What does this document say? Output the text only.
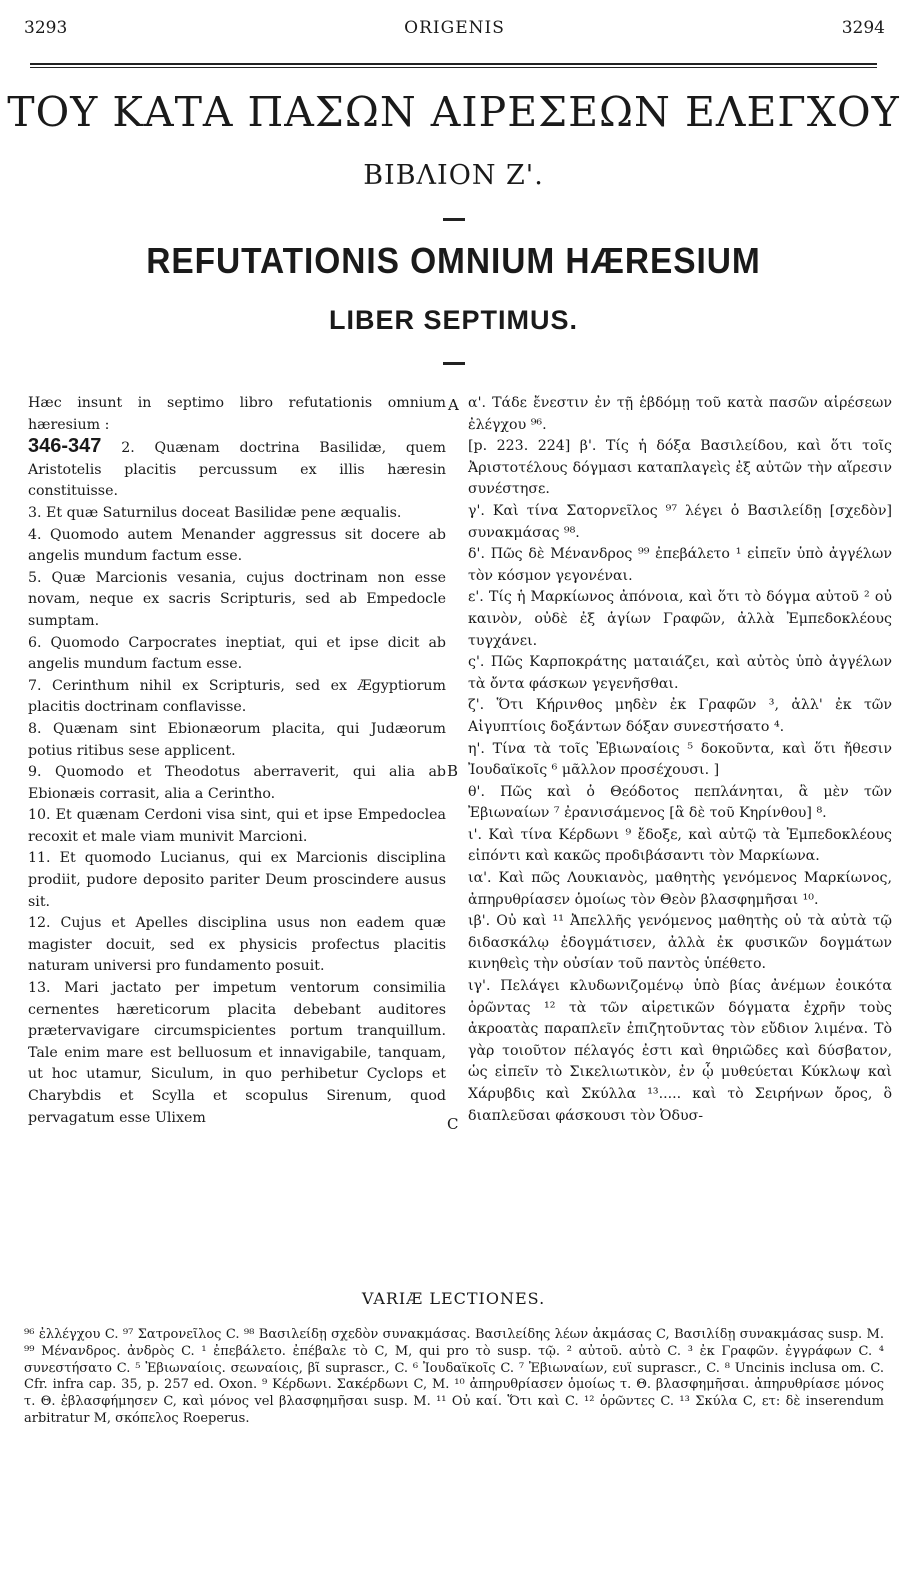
3293	ORIGENIS	3294
ΤΟΥ ΚΑΤΑ ΠΑΣΩΝ ΑΙΡΕΣΕΩΝ ΕΛΕΓΧΟΥ
ΒΙΒΛΙΟΝ Ζ'.
REFUTATIONIS OMNIUM HÆRESIUM
LIBER SEPTIMUS.
A
B
C

Hæc insunt in septimo libro refutationis omnium hæresium :

346-347 2. Quænam doctrina Basilidæ, quem Aristotelis placitis percussum ex illis hæresin constituisse.

3. Et quæ Saturnilus doceat Basilidæ pene æqualis.

4. Quomodo autem Menander aggressus sit docere ab angelis mundum factum esse.

5. Quæ Marcionis vesania, cujus doctrinam non esse novam, neque ex sacris Scripturis, sed ab Empedocle sumptam.

6. Quomodo Carpocrates ineptiat, qui et ipse dicit ab angelis mundum factum esse.

7. Cerinthum nihil ex Scripturis, sed ex Ægyptiorum placitis doctrinam conflavisse.

8. Quænam sint Ebionæorum placita, qui Judæorum potius ritibus sese applicent.

9. Quomodo et Theodotus aberraverit, qui alia ab Ebionæis corrasit, alia a Cerintho.

10. Et quænam Cerdoni visa sint, qui et ipse Empedoclea recoxit et male viam munivit Marcioni.

11. Et quomodo Lucianus, qui ex Marcionis disciplina prodiit, pudore deposito pariter Deum proscindere ausus sit.

12. Cujus et Apelles disciplina usus non eadem quæ magister docuit, sed ex physicis profectus placitis naturam universi pro fundamento posuit.

13. Mari jactato per impetum ventorum consimilia cernentes hæreticorum placita debebant auditores prætervavigare circumspicientes portum tranquillum. Tale enim mare est belluosum et innavigabile, tanquam, ut hoc utamur, Siculum, in quo perhibetur Cyclops et Charybdis et Scylla et scopulus Sirenum, quod pervagatum esse Ulixem

α'. Τάδε ἔνεστιν ἐν τῇ ἑβδόμῃ τοῦ κατὰ πασῶν αἱρέσεων ἐλέγχου ⁹⁶.

[p. 223. 224] β'. Τίς ἡ δόξα Βασιλείδου, καὶ ὅτι τοῖς Ἀριστοτέλους δόγμασι καταπλαγεὶς ἐξ αὐτῶν τὴν αἵρεσιν συνέστησε.

γ'. Καὶ τίνα Σατορνεῖλος ⁹⁷ λέγει ὁ Βασιλείδῃ [σχεδὸν] συνακμάσας ⁹⁸.

δ'. Πῶς δὲ Μένανδρος ⁹⁹ ἐπεβάλετο ¹ εἰπεῖν ὑπὸ ἀγγέλων τὸν κόσμον γεγονέναι.

ε'. Τίς ἡ Μαρκίωνος ἀπόνοια, καὶ ὅτι τὸ δόγμα αὐτοῦ ² οὐ καινὸν, οὐδὲ ἐξ ἁγίων Γραφῶν, ἀλλὰ Ἐμπεδοκλέους τυγχάνει.

ς'. Πῶς Καρποκράτης ματαιάζει, καὶ αὐτὸς ὑπὸ ἀγγέλων τὰ ὄντα φάσκων γεγενῆσθαι.

ζ'. Ὅτι Κήρινθος μηδὲν ἐκ Γραφῶν ³, ἀλλ' ἐκ τῶν Αἰγυπτίοις δοξάντων δόξαν συνεστήσατο ⁴.

η'. Τίνα τὰ τοῖς Ἐβιωναίοις ⁵ δοκοῦντα, καὶ ὅτι ἤθεσιν Ἰουδαϊκοῖς ⁶ μᾶλλον προσέχουσι. ]

θ'. Πῶς καὶ ὁ Θεόδοτος πεπλάνηται, ἃ μὲν τῶν Ἐβιωναίων ⁷ ἐρανισάμενος [ἃ δὲ τοῦ Κηρίνθου] ⁸.

ι'. Καὶ τίνα Κέρδωνι ⁹ ἔδοξε, καὶ αὐτῷ τὰ Ἐμπεδοκλέους εἰπόντι καὶ κακῶς προδιβάσαντι τὸν Μαρκίωνα.

ια'. Καὶ πῶς Λουκιανὸς, μαθητὴς γενόμενος Μαρκίωνος, ἀπηρυθρίασεν ὁμοίως τὸν Θεὸν βλασφημῆσαι ¹⁰.

ιβ'. Οὐ καὶ ¹¹ Ἀπελλῆς γενόμενος μαθητὴς οὐ τὰ αὐτὰ τῷ διδασκάλῳ ἐδογμάτισεν, ἀλλὰ ἐκ φυσικῶν δογμάτων κινηθεὶς τὴν οὐσίαν τοῦ παντὸς ὑπέθετο.

ιγ'. Πελάγει κλυδωνιζομένῳ ὑπὸ βίας ἀνέμων ἐοικότα ὁρῶντας ¹² τὰ τῶν αἱρετικῶν δόγματα ἐχρῆν τοὺς ἀκροατὰς παραπλεῖν ἐπιζητοῦντας τὸν εὔδιον λιμένα. Τὸ γὰρ τοιοῦτον πέλαγός ἐστι καὶ θηριῶδες καὶ δύσβατον, ὡς εἰπεῖν τὸ Σικελιωτικὸν, ἐν ᾧ μυθεύεται Κύκλωψ καὶ Χάρυβδις καὶ Σκύλλα ¹³..... καὶ τὸ Σειρήνων ὄρος, ὃ διαπλεῦσαι φάσκουσι τὸν Ὀδυσ-

VARIÆ LECTIONES.

⁹⁶ ἐλλέγχου C. ⁹⁷ Σατρονεῖλος C. ⁹⁸ Βασιλείδῃ σχεδὸν συνακμάσας. Βασιλείδης λέων ἀκμάσας C, Βασιλίδῃ συνακμάσας susp. M. ⁹⁹ Μένανδρος. ἀνδρὸς C. ¹ ἐπεβάλετο. ἐπέβαλε τὸ C, M, qui pro τὸ susp. τῷ. ² αὐτοῦ. αὐτὸ C. ³ ἐκ Γραφῶν. ἐγγράφων C. ⁴ συνεστήσατο C. ⁵ Ἐβιωναίοις. σεωναίοις, βι̃ suprascr., C. ⁶ Ἰουδαϊκοῖς C. ⁷ Ἐβιωναίων, ευϊ suprascr., C. ⁸ Uncinis inclusa om. C. Cfr. infra cap. 35, p. 257 ed. Oxon. ⁹ Κέρδωνι. Σακέρδωνι C, M. ¹⁰ ἀπηρυθρίασεν ὁμοίως τ. Θ. βλασφημῆσαι. ἀπηρυθρίασε μόνος τ. Θ. ἐβλασφήμησεν C, καὶ μόνος vel βλασφημῆσαι susp. M. ¹¹ Οὐ καί. Ὅτι καὶ C. ¹² ὁρῶντες C. ¹³ Σκύλα C, ετ: δὲ inserendum arbitratur M, σκόπελος Roeperus.
